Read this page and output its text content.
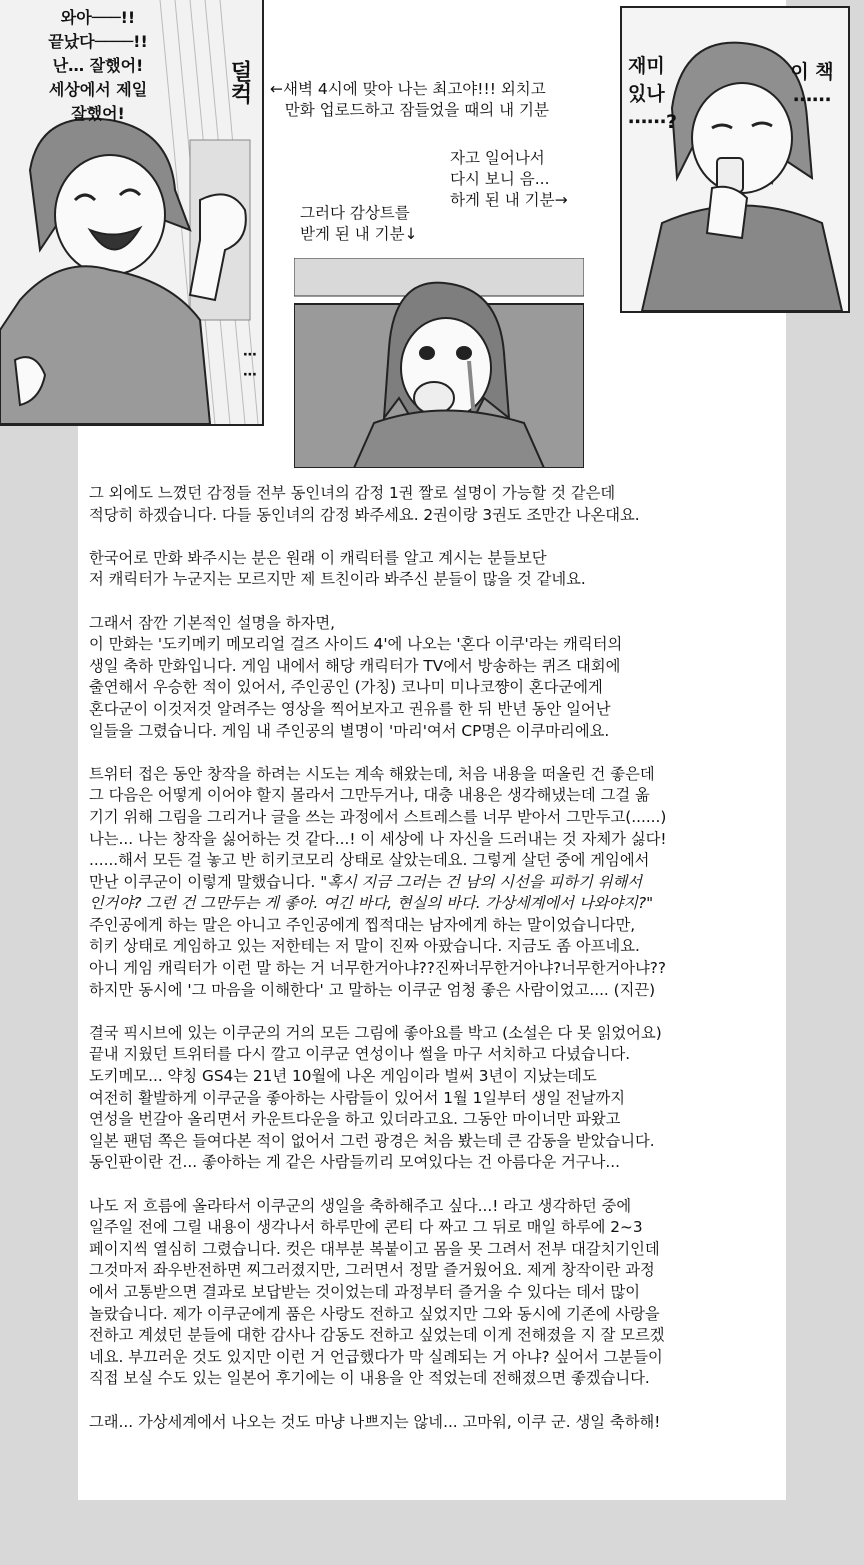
와아───!!
끝났다────!!
난… 잘했어!
세상에서 제일
잘했어!
덜컥
⋯
⋯
←새벽 4시에 맞아 나는 최고야!!! 외치고
만화 업로드하고 잠들었을 때의 내 기분
재미
있나
⋯⋯?
이 책
⋯⋯
자고 일어나서
다시 보니 음...
하게 된 내 기분→
그러다 감상트를
받게 된 내 기분↓

그 외에도 느꼈던 감정들 전부 동인녀의 감정 1권 짤로 설명이 가능할 것 같은데
적당히 하겠습니다. 다들 동인녀의 감정 봐주세요. 2권이랑 3권도 조만간 나온대요.

한국어로 만화 봐주시는 분은 원래 이 캐릭터를 알고 계시는 분들보단
저 캐릭터가 누군지는 모르지만 제 트친이라 봐주신 분들이 많을 것 같네요.

그래서 잠깐 기본적인 설명을 하자면,
이 만화는 '도키메키 메모리얼 걸즈 사이드 4'에 나오는 '혼다 이쿠'라는 캐릭터의
생일 축하 만화입니다. 게임 내에서 해당 캐릭터가 TV에서 방송하는 퀴즈 대회에
출연해서 우승한 적이 있어서, 주인공인 (가칭) 코나미 미나코쨩이 혼다군에게
혼다군이 이것저것 알려주는 영상을 찍어보자고 권유를 한 뒤 반년 동안 일어난
일들을 그렸습니다. 게임 내 주인공의 별명이 '마리'여서 CP명은 이쿠마리에요.

트위터 접은 동안 창작을 하려는 시도는 계속 해왔는데, 처음 내용을 떠올린 건 좋은데
그 다음은 어떻게 이어야 할지 몰라서 그만두거나, 대충 내용은 생각해냈는데 그걸 옮
기기 위해 그림을 그리거나 글을 쓰는 과정에서 스트레스를 너무 받아서 그만두고(......)
나는... 나는 창작을 싫어하는 것 같다...! 이 세상에 나 자신을 드러내는 것 자체가 싫다!
......해서 모든 걸 놓고 반 히키코모리 상태로 살았는데요. 그렇게 살던 중에 게임에서
만난 이쿠군이 이렇게 말했습니다. "혹시 지금 그러는 건 남의 시선을 피하기 위해서
인거야? 그런 건 그만두는 게 좋아. 여긴 바다, 현실의 바다. 가상세계에서 나와야지?"
주인공에게 하는 말은 아니고 주인공에게 찝적대는 남자에게 하는 말이었습니다만,
히키 상태로 게임하고 있는 저한테는 저 말이 진짜 아팠습니다. 지금도 좀 아프네요.
아니 게임 캐릭터가 이런 말 하는 거 너무한거아냐??진짜너무한거아냐?너무한거아냐??
하지만 동시에 '그 마음을 이해한다' 고 말하는 이쿠군 엄청 좋은 사람이었고.... (지끈)

결국 픽시브에 있는 이쿠군의 거의 모든 그림에 좋아요를 박고 (소설은 다 못 읽었어요)
끝내 지웠던 트위터를 다시 깔고 이쿠군 연성이나 썰을 마구 서치하고 다녔습니다.
도키메모... 약칭 GS4는 21년 10월에 나온 게임이라 벌써 3년이 지났는데도
여전히 활발하게 이쿠군을 좋아하는 사람들이 있어서 1월 1일부터 생일 전날까지
연성을 번갈아 올리면서 카운트다운을 하고 있더라고요. 그동안 마이너만 파왔고
일본 팬덤 쪽은 들여다본 적이 없어서 그런 광경은 처음 봤는데 큰 감동을 받았습니다.
동인판이란 건... 좋아하는 게 같은 사람들끼리 모여있다는 건 아름다운 거구나...

나도 저 흐름에 올라타서 이쿠군의 생일을 축하해주고 싶다...! 라고 생각하던 중에
일주일 전에 그릴 내용이 생각나서 하루만에 콘티 다 짜고 그 뒤로 매일 하루에 2~3
페이지씩 열심히 그렸습니다. 컷은 대부분 복붙이고 몸을 못 그려서 전부 대갈치기인데
그것마저 좌우반전하면 찌그러졌지만, 그러면서 정말 즐거웠어요. 제게 창작이란 과정
에서 고통받으면 결과로 보답받는 것이었는데 과정부터 즐거울 수 있다는 데서 많이
놀랐습니다. 제가 이쿠군에게 품은 사랑도 전하고 싶었지만 그와 동시에 기존에 사랑을
전하고 계셨던 분들에 대한 감사나 감동도 전하고 싶었는데 이게 전해졌을 지 잘 모르겠
네요. 부끄러운 것도 있지만 이런 거 언급했다가 막 실례되는 거 아냐? 싶어서 그분들이
직접 보실 수도 있는 일본어 후기에는 이 내용을 안 적었는데 전해졌으면 좋겠습니다.

그래... 가상세계에서 나오는 것도 마냥 나쁘지는 않네... 고마워, 이쿠 군. 생일 축하해!
